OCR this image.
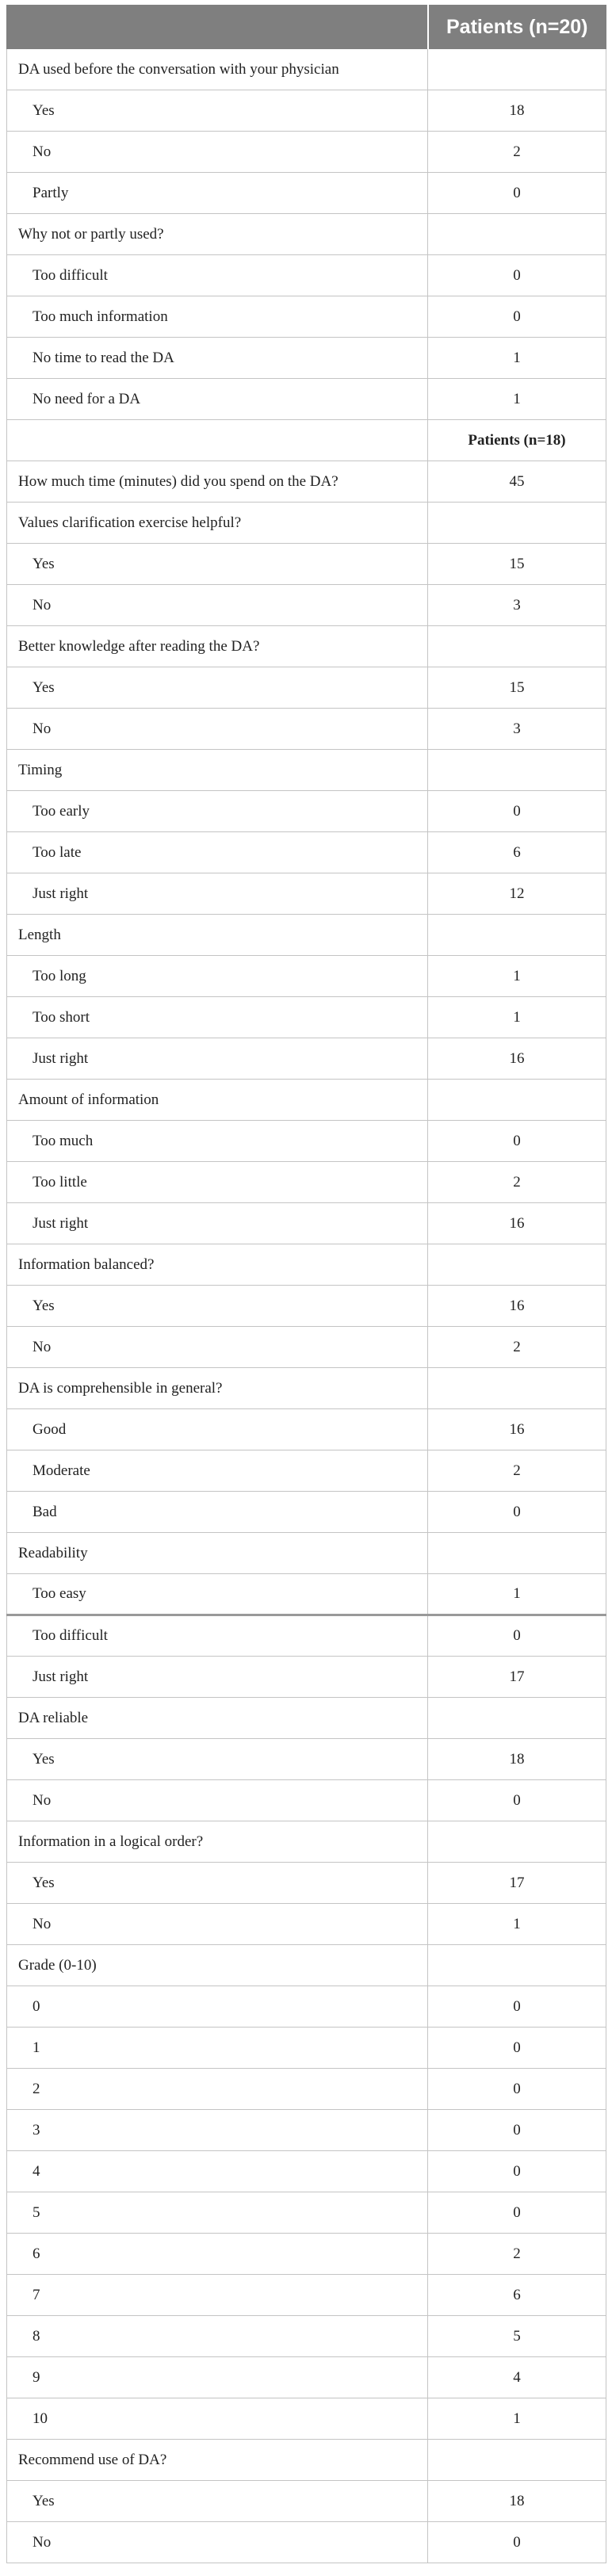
	Patients (n=20)
DA used before the conversation with your physician	
Yes	18
No	2
Partly	0
Why not or partly used?	
Too difficult	0
Too much information	0
No time to read the DA	1
No need for a DA	1
	Patients (n=18)
How much time (minutes) did you spend on the DA?	45
Values clarification exercise helpful?	
Yes	15
No	3
Better knowledge after reading the DA?	
Yes	15
No	3
Timing	
Too early	0
Too late	6
Just right	12
Length	
Too long	1
Too short	1
Just right	16
Amount of information	
Too much	0
Too little	2
Just right	16
Information balanced?	
Yes	16
No	2
DA is comprehensible in general?	
Good	16
Moderate	2
Bad	0
Readability	
Too easy	1
Too difficult	0
Just right	17
DA reliable	
Yes	18
No	0
Information in a logical order?	
Yes	17
No	1
Grade (0-10)	
0	0
1	0
2	0
3	0
4	0
5	0
6	2
7	6
8	5
9	4
10	1
Recommend use of DA?	
Yes	18
No	0
